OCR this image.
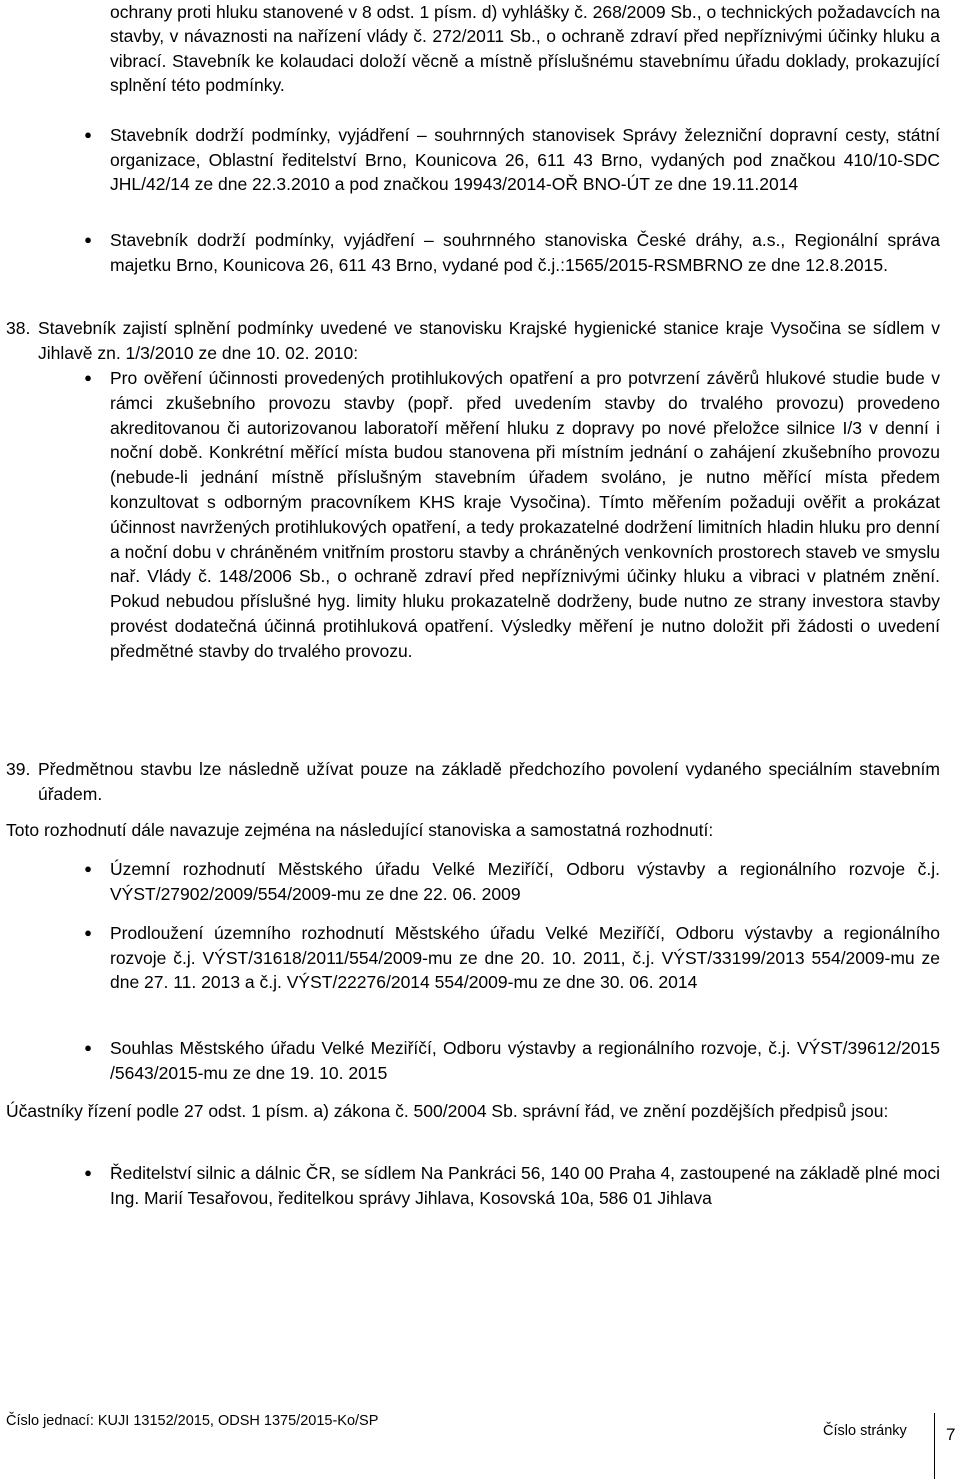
ochrany proti hluku stanovené v 8 odst. 1 písm. d) vyhlášky č. 268/2009 Sb., o technických požadavcích na stavby, v návaznosti na nařízení vlády č. 272/2011 Sb., o ochraně zdraví před nepříznivými účinky hluku a vibrací. Stavebník ke kolaudaci doloží věcně a místně příslušnému stavebnímu úřadu doklady, prokazující splnění této podmínky.
●	Stavebník dodrží podmínky, vyjádření – souhrnných stanovisek Správy železniční dopravní cesty, státní organizace, Oblastní ředitelství Brno, Kounicova 26, 611 43 Brno, vydaných pod značkou 410/10-SDC JHL/42/14 ze dne 22.3.2010 a pod značkou 19943/2014-OŘ BNO-ÚT ze dne 19.11.2014
●	Stavebník dodrží podmínky, vyjádření – souhrnného stanoviska České dráhy, a.s., Regionální správa majetku Brno, Kounicova 26, 611 43 Brno, vydané pod č.j.:1565/2015-RSMBRNO ze dne 12.8.2015.
38. Stavebník zajistí splnění podmínky uvedené ve stanovisku Krajské hygienické stanice kraje Vysočina se sídlem v Jihlavě zn. 1/3/2010 ze dne 10. 02. 2010:
●	Pro ověření účinnosti provedených protihlukových opatření a pro potvrzení závěrů hlukové studie bude v rámci zkušebního provozu stavby (popř. před uvedením stavby do trvalého provozu) provedeno akreditovanou či autorizovanou laboratoří měření hluku z dopravy po nové přeložce silnice I/3 v denní i noční době. Konkrétní měřící místa budou stanovena při místním jednání o zahájení zkušebního provozu (nebude-li jednání místně příslušným stavebním úřadem svoláno, je nutno měřící místa předem konzultovat s odborným pracovníkem KHS kraje Vysočina). Tímto měřením požaduji ověřit a prokázat účinnost navržených protihlukových opatření, a tedy prokazatelné dodržení limitních hladin hluku pro denní a noční dobu v chráněném vnitřním prostoru stavby a chráněných venkovních prostorech staveb ve smyslu nař. Vlády č. 148/2006 Sb., o ochraně zdraví před nepříznivými účinky hluku a vibraci v platném znění. Pokud nebudou příslušné hyg. limity hluku prokazatelně dodrženy, bude nutno ze strany investora stavby provést dodatečná účinná protihluková opatření. Výsledky měření je nutno doložit při žádosti o uvedení předmětné stavby do trvalého provozu.
39. Předmětnou stavbu lze následně užívat pouze na základě předchozího povolení vydaného speciálním stavebním úřadem.
Toto rozhodnutí dále navazuje zejména na následující stanoviska a samostatná rozhodnutí:
●	Územní rozhodnutí Městského úřadu Velké Meziříčí, Odboru výstavby a regionálního rozvoje č.j. VÝST/27902/2009/554/2009-mu ze dne 22. 06. 2009
●	Prodloužení územního rozhodnutí Městského úřadu Velké Meziříčí, Odboru výstavby a regionálního rozvoje č.j. VÝST/31618/2011/554/2009-mu ze dne 20. 10. 2011, č.j. VÝST/33199/2013 554/2009-mu ze dne 27. 11. 2013 a č.j. VÝST/22276/2014 554/2009-mu ze dne 30. 06. 2014
●	Souhlas Městského úřadu Velké Meziříčí, Odboru výstavby a regionálního rozvoje, č.j. VÝST/39612/2015 /5643/2015-mu ze dne 19. 10. 2015
Účastníky řízení podle 27 odst. 1 písm. a) zákona č. 500/2004 Sb. správní řád, ve znění pozdějších předpisů jsou:
●	Ředitelství silnic a dálnic ČR, se sídlem Na Pankráci 56, 140 00 Praha 4, zastoupené na základě plné moci Ing. Marií Tesařovou, ředitelkou správy Jihlava, Kosovská 10a, 586 01 Jihlava
Číslo jednací: KUJI 13152/2015, ODSH 1375/2015-Ko/SP
Číslo stránky 7
